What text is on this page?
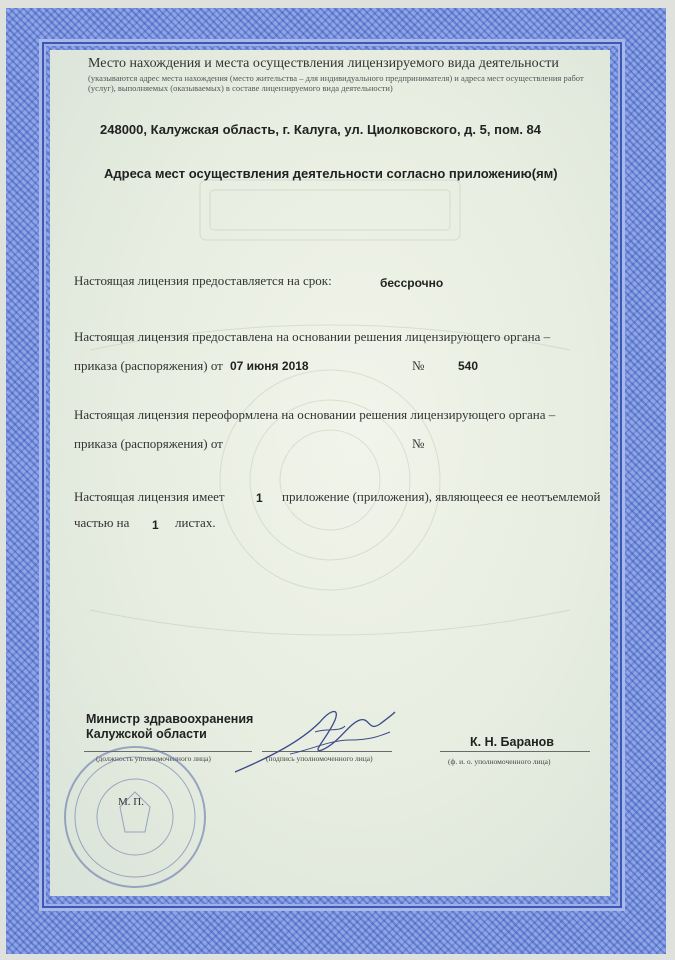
Место нахождения и места осуществления лицензируемого вида деятельности
(указываются адрес места нахождения (место жительства – для индивидуального предпринимателя) и адреса мест осуществления работ (услуг), выполняемых (оказываемых) в составе лицензируемого вида деятельности)
248000, Калужская область, г. Калуга, ул. Циолковского, д. 5, пом. 84
Адреса мест осуществления деятельности согласно приложению(ям)
Настоящая лицензия предоставляется на срок:	бессрочно
Настоящая лицензия предоставлена на основании решения лицензирующего органа –
приказа (распоряжения) от 07 июня 2018	№	540
Настоящая лицензия переоформлена на основании решения лицензирующего органа –
приказа (распоряжения) от	№
Настоящая лицензия имеет	1 приложение (приложения), являющееся ее неотъемлемой
частью на 1 листах.
Министр здравоохранения
Калужской области
К. Н. Баранов
(должность уполномоченного лица)	(подпись уполномоченного лица)	(ф. и. о. уполномоченного лица)
М. П.
